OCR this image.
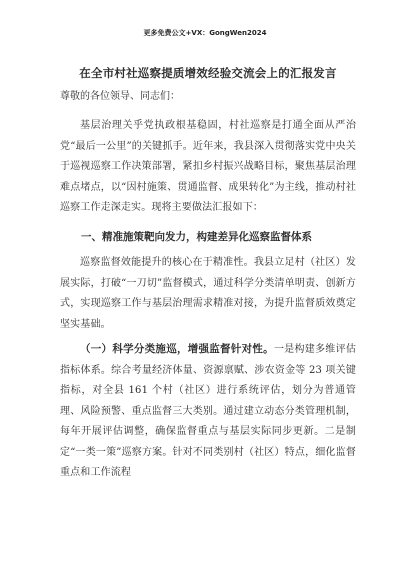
更多免费公文+VX：GongWen2024

在全市村社巡察提质增效经验交流会上的汇报发言

尊敬的各位领导、同志们：

基层治理关乎党执政根基稳固，村社巡察是打通全面从严治党“最后一公里”的关键抓手。近年来，我县深入贯彻落实党中央关于巡视巡察工作决策部署，紧扣乡村振兴战略目标，聚焦基层治理难点堵点，以“因村施策、贯通监督、成果转化”为主线，推动村社巡察工作走深走实。现将主要做法汇报如下：

一、精准施策靶向发力，构建差异化巡察监督体系

巡察监督效能提升的核心在于精准性。我县立足村（社区）发展实际，打破“一刀切”监督模式，通过科学分类清单明责、创新方式，实现巡察工作与基层治理需求精准对接，为提升监督质效奠定坚实基础。

（一）科学分类施巡，增强监督针对性。一是构建多维评估指标体系。综合考量经济体量、资源禀赋、涉农资金等 23 项关键指标，对全县 161 个村（社区）进行系统评估，划分为普通管理、风险预警、重点监督三大类别。通过建立动态分类管理机制，每年开展评估调整，确保监督重点与基层实际同步更新。二是制定“一类一策”巡察方案。针对不同类别村（社区）特点，细化监督重点和工作流程
